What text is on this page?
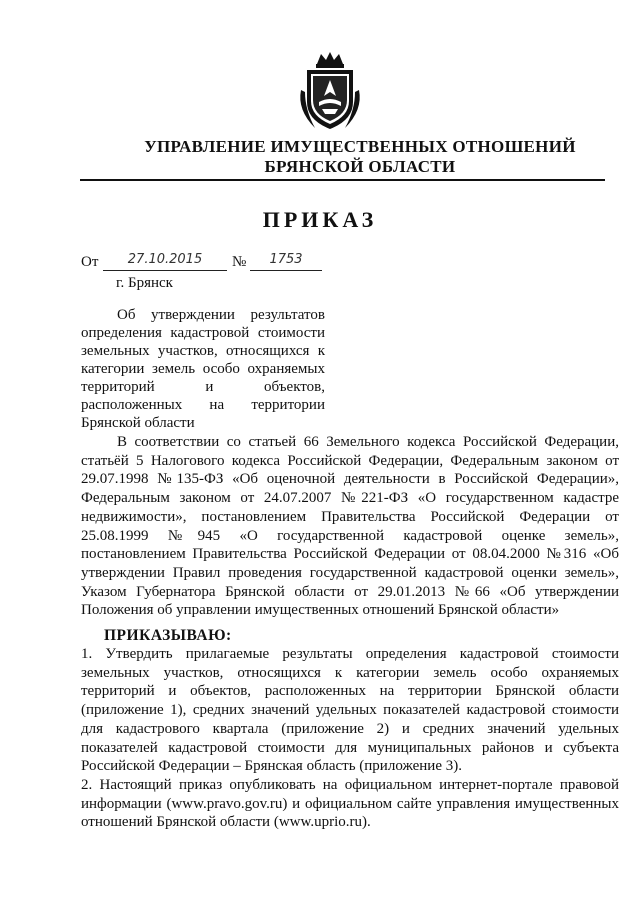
УПРАВЛЕНИЕ ИМУЩЕСТВЕННЫХ ОТНОШЕНИЙ
БРЯНСКОЙ ОБЛАСТИ
ПРИКАЗ
От	27.10.2015	№	1753
г. Брянск
Об утверждении результатов
определения кадастровой стоимости
земельных участков, относящихся к
категории земель особо охраняемых
территорий и объектов,
расположенных на территории
Брянской области
В соответствии со статьей 66 Земельного кодекса Российской Федерации,
статьёй 5 Налогового кодекса Российской Федерации, Федеральным законом от
29.07.1998 №135-ФЗ «Об оценочной деятельности в Российской Федерации»,
Федеральным законом от 24.07.2007 №221-ФЗ «О государственном кадастре
недвижимости», постановлением Правительства Российской Федерации от
25.08.1999 №945 «О государственной кадастровой оценке земель»,
постановлением Правительства Российской Федерации от 08.04.2000 №316 «Об
утверждении Правил проведения государственной кадастровой оценки земель»,
Указом Губернатора Брянской области от 29.01.2013 №66 «Об утверждении
Положения об управлении имущественных отношений Брянской области»
ПРИКАЗЫВАЮ:
1. Утвердить прилагаемые результаты определения кадастровой стоимости
земельных участков, относящихся к категории земель особо охраняемых
территорий и объектов, расположенных на территории Брянской области
(приложение 1), средних значений удельных показателей кадастровой стоимости
для кадастрового квартала (приложение 2) и средних значений удельных
показателей кадастровой стоимости для муниципальных районов и субъекта
Российской Федерации – Брянская область (приложение 3).
2. Настоящий приказ опубликовать на официальном интернет-портале правовой
информации (www.pravo.gov.ru) и официальном сайте управления имущественных
отношений Брянской области (www.uprio.ru).
